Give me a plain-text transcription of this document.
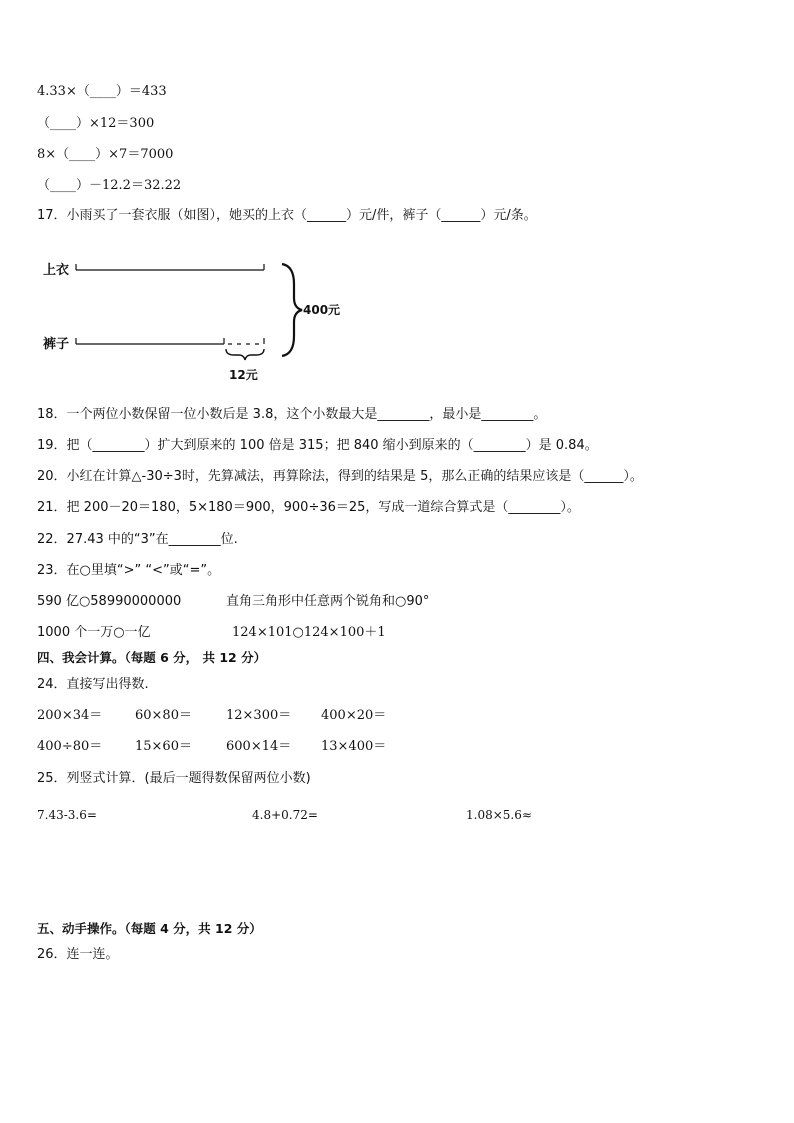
4.33×（____）＝433
（____）×12＝300
8×（____）×7＝7000
（____）－12.2＝32.22
17．小雨买了一套衣服（如图），她买的上衣（______）元/件，裤子（______）元/条。
上衣
裤子
12元
400元
18．一个两位小数保留一位小数后是 3.8，这个小数最大是________，最小是________。
19．把（________）扩大到原来的 100 倍是 315；把 840 缩小到原来的（________）是 0.84。
20．小红在计算△-30÷3时，先算减法，再算除法，得到的结果是 5，那么正确的结果应该是（______）。
21．把 200－20＝180，5×180＝900，900÷36＝25，写成一道综合算式是（________）。
22．27.43 中的“3”在________位.
23．在○里填“>” “<”或“=”。
590 亿○58990000000	直角三角形中任意两个锐角和○90°
1000 个一万○一亿	124×101○124×100＋1
四、我会计算。（每题 6 分， 共 12 分）
24．直接写出得数.
200×34＝	60×80＝	12×300＝ 400×20＝
400÷80＝	15×60＝	600×14＝ 13×400＝
25．列竖式计算．(最后一题得数保留两位小数)
7.43-3.6=	4.8+0.72=	1.08×5.6≈
五、动手操作。（每题 4 分，共 12 分）
26．连一连。
